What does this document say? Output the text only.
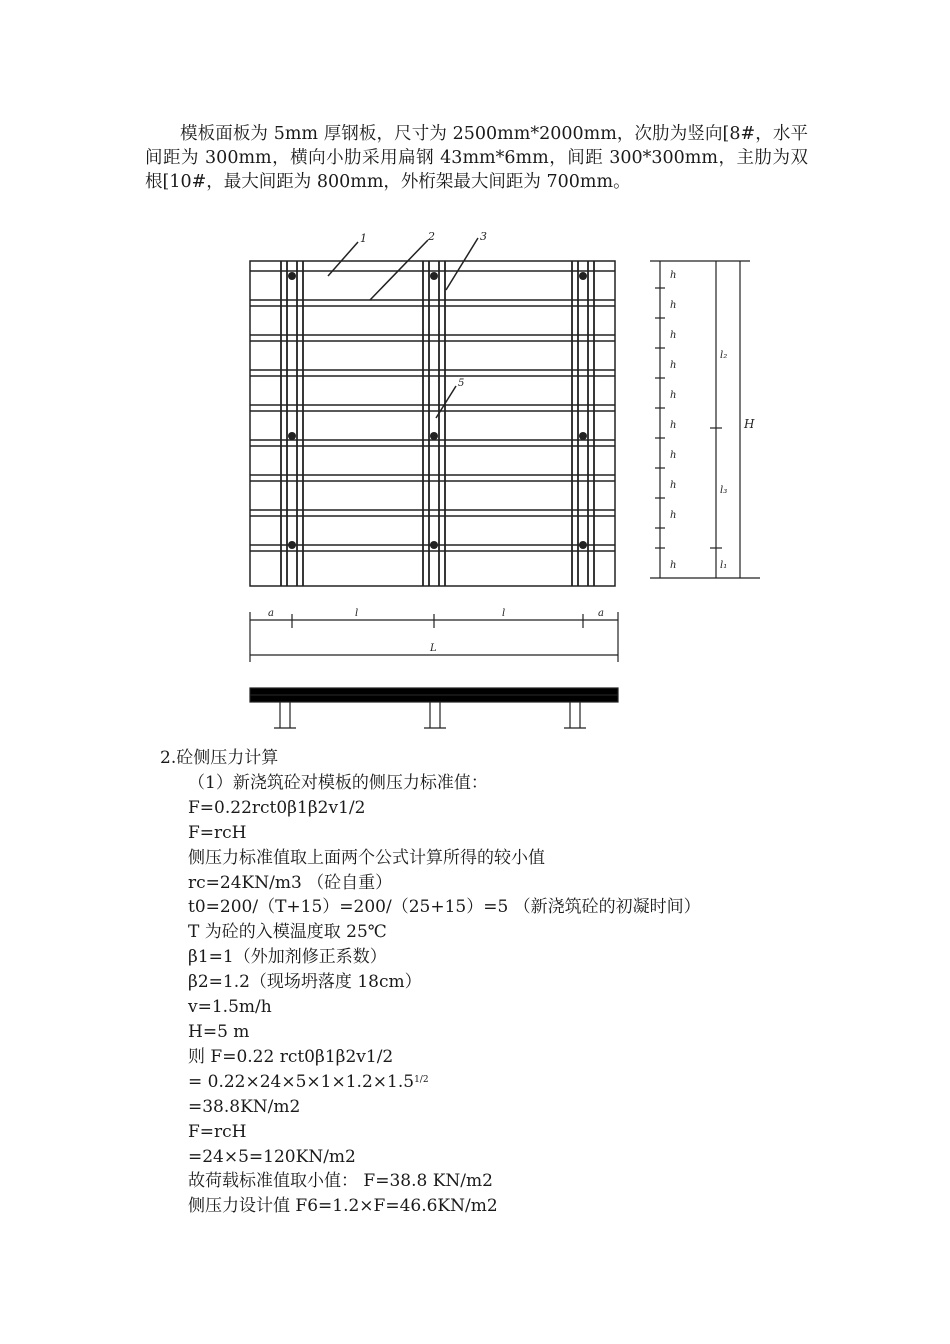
模板面板为 5mm 厚钢板，尺寸为 2500mm*2000mm，次肋为竖向[8#，水平间距为 300mm，横向小肋采用扁钢 43mm*6mm，间距 300*300mm，主肋为双根[10#，最大间距为 800mm，外桁架最大间距为 700mm。

1	2	3
5
h
h
h
h
h
h
h
h
h
h
l₂
l₃
l₁
H
a	l	l	a
L
2.砼侧压力计算
（1）新浇筑砼对模板的侧压力标准值：
F=0.22rct0β1β2v1/2
F=rcH
侧压力标准值取上面两个公式计算所得的较小值
rc=24KN/m3 （砼自重）
t0=200/（T+15）=200/（25+15）=5 （新浇筑砼的初凝时间）
T 为砼的入模温度取 25℃
β1=1（外加剂修正系数）
β2=1.2（现场坍落度 18cm）
v=1.5m/h
H=5 m
则 F=0.22 rct0β1β2v1/2
= $0.22\times 24\times 5\times 1\times 1.2\times 1.5^{1/2}$
=38.8KN/m2
F=rcH
=24×5=120KN/m2
故荷载标准值取小值： F=38.8 KN/m2
侧压力设计值 F6=1.2×F=46.6KN/m2
